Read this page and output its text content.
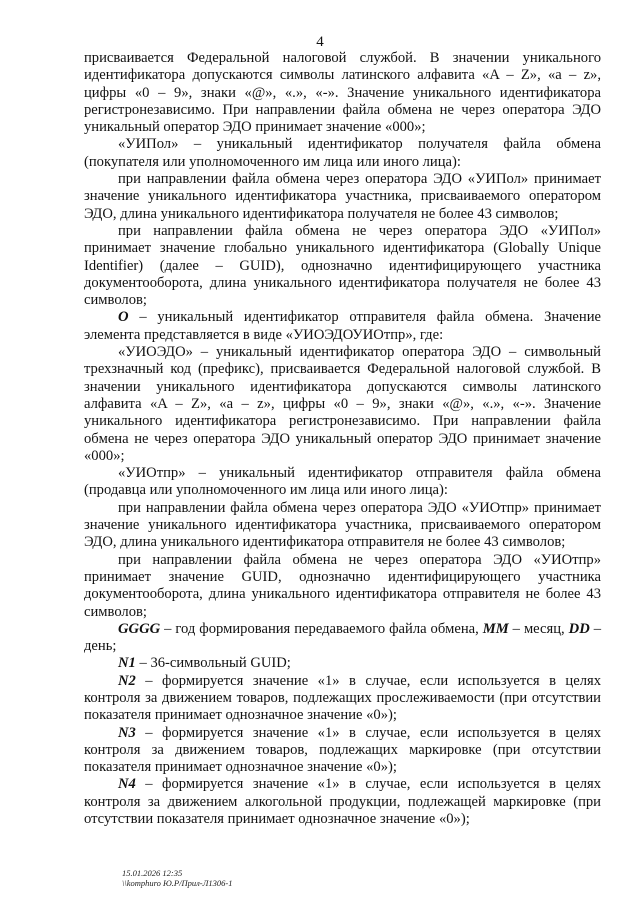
4

присваивается Федеральной налоговой службой. В значении уникального идентификатора допускаются символы латинского алфавита «A – Z», «a – z», цифры «0 – 9», знаки «@», «.», «-». Значение уникального идентификатора регистронезависимо. При направлении файла обмена не через оператора ЭДО уникальный оператор ЭДО принимает значение «000»;

«УИПол» – уникальный идентификатор получателя файла обмена (покупателя или уполномоченного им лица или иного лица):

при направлении файла обмена через оператора ЭДО «УИПол» принимает значение уникального идентификатора участника, присваиваемого оператором ЭДО, длина уникального идентификатора получателя не более 43 символов;

при направлении файла обмена не через оператора ЭДО «УИПол» принимает значение глобально уникального идентификатора (Globally Unique Identifier) (далее – GUID), однозначно идентифицирующего участника документооборота, длина уникального идентификатора получателя не более 43 символов;

O – уникальный идентификатор отправителя файла обмена. Значение элемента представляется в виде «УИОЭДОУИОтпр», где:

«УИОЭДО» – уникальный идентификатор оператора ЭДО – символьный трехзначный код (префикс), присваивается Федеральной налоговой службой. В значении уникального идентификатора допускаются символы латинского алфавита «A – Z», «a – z», цифры «0 – 9», знаки «@», «.», «-». Значение уникального идентификатора регистронезависимо. При направлении файла обмена не через оператора ЭДО уникальный оператор ЭДО принимает значение «000»;

«УИОтпр» – уникальный идентификатор отправителя файла обмена (продавца или уполномоченного им лица или иного лица):

при направлении файла обмена через оператора ЭДО «УИОтпр» принимает значение уникального идентификатора участника, присваиваемого оператором ЭДО, длина уникального идентификатора отправителя не более 43 символов;

при направлении файла обмена не через оператора ЭДО «УИОтпр» принимает значение GUID, однозначно идентифицирующего участника документооборота, длина уникального идентификатора отправителя не более 43 символов;

GGGG – год формирования передаваемого файла обмена, MM – месяц, DD – день;

N1 – 36-символьный GUID;

N2 – формируется значение «1» в случае, если используется в целях контроля за движением товаров, подлежащих прослеживаемости (при отсутствии показателя принимает однозначное значение «0»);

N3 – формируется значение «1» в случае, если используется в целях контроля за движением товаров, подлежащих маркировке (при отсутствии показателя принимает однозначное значение «0»);

N4 – формируется значение «1» в случае, если используется в целях контроля за движением алкогольной продукции, подлежащей маркировке (при отсутствии показателя принимает однозначное значение «0»);

15.01.2026 12:35
\\komphuro Ю.Р/Прил-Л1306-1
